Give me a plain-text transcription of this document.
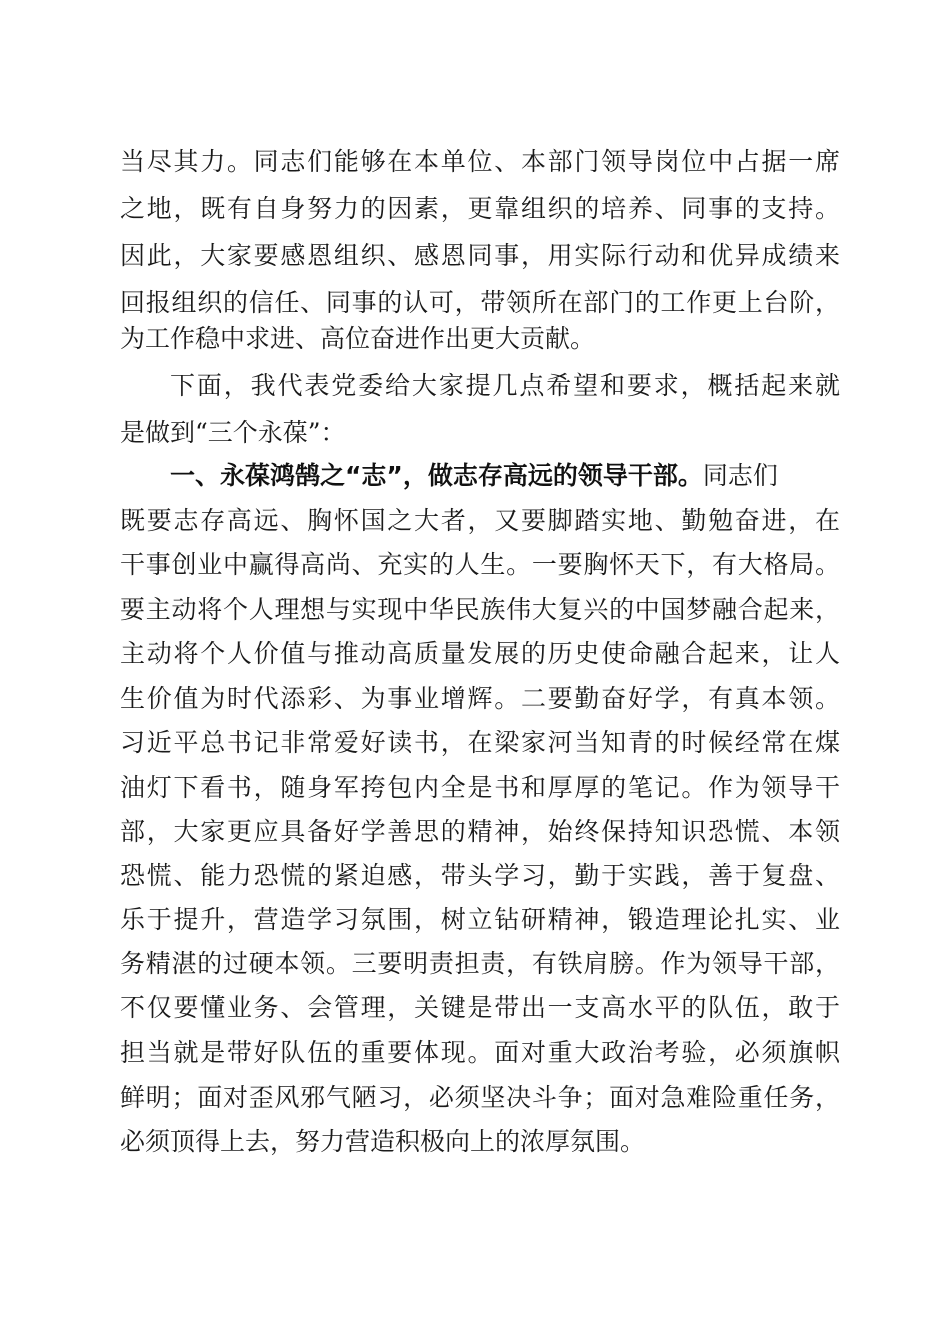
当尽其力。同志们能够在本单位、本部门领导岗位中占据一席
之地，既有自身努力的因素，更靠组织的培养、同事的支持。
因此，大家要感恩组织、感恩同事，用实际行动和优异成绩来
回报组织的信任、同事的认可，带领所在部门的工作更上台阶，
为工作稳中求进、高位奋进作出更大贡献。
下面，我代表党委给大家提几点希望和要求，概括起来就
是做到“三个永葆”：
一、永葆鸿鹄之“志”，做志存高远的领导干部。同志们
既要志存高远、胸怀国之大者，又要脚踏实地、勤勉奋进，在
干事创业中赢得高尚、充实的人生。一要胸怀天下，有大格局。
要主动将个人理想与实现中华民族伟大复兴的中国梦融合起来，
主动将个人价值与推动高质量发展的历史使命融合起来，让人
生价值为时代添彩、为事业增辉。二要勤奋好学，有真本领。
习近平总书记非常爱好读书，在梁家河当知青的时候经常在煤
油灯下看书，随身军挎包内全是书和厚厚的笔记。作为领导干
部，大家更应具备好学善思的精神，始终保持知识恐慌、本领
恐慌、能力恐慌的紧迫感，带头学习，勤于实践，善于复盘、
乐于提升，营造学习氛围，树立钻研精神，锻造理论扎实、业
务精湛的过硬本领。三要明责担责，有铁肩膀。作为领导干部，
不仅要懂业务、会管理，关键是带出一支高水平的队伍，敢于
担当就是带好队伍的重要体现。面对重大政治考验，必须旗帜
鲜明；面对歪风邪气陋习，必须坚决斗争；面对急难险重任务，
必须顶得上去，努力营造积极向上的浓厚氛围。
